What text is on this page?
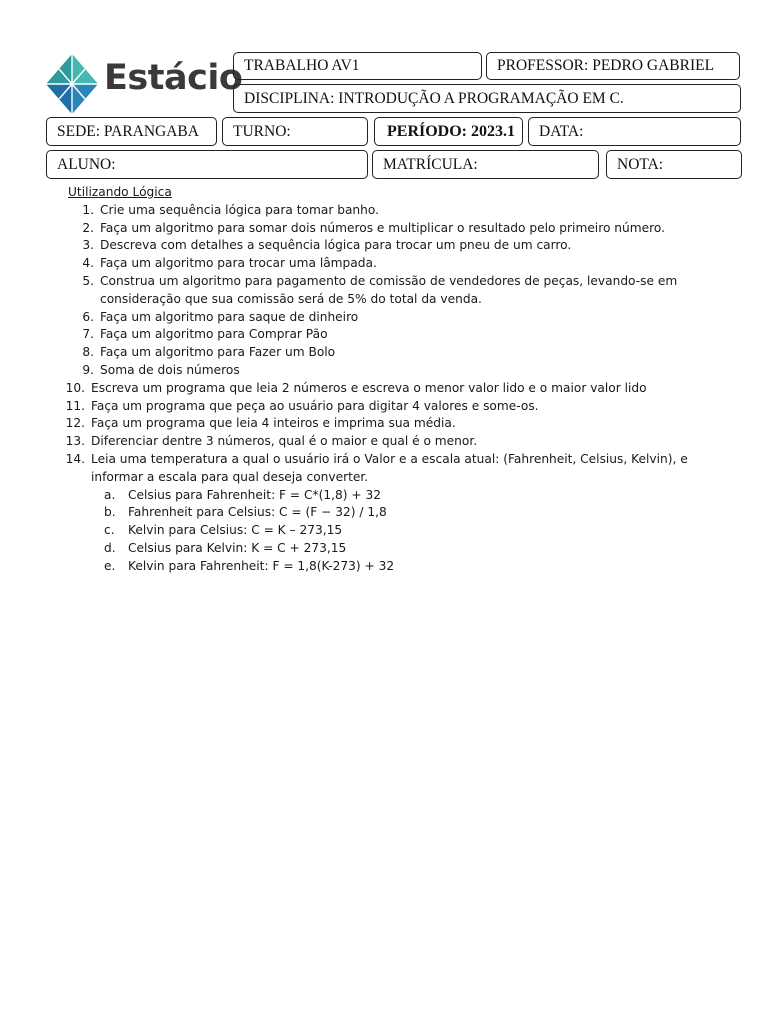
Estácio TRABALHO AV1	PROFESSOR: PEDRO GABRIEL
DISCIPLINA: INTRODUÇÃO A PROGRAMAÇÃO EM C.
SEDE: PARANGABA	TURNO:	PERÍODO: 2023.1	DATA:
ALUNO:	MATRÍCULA:	NOTA:
Utilizando Lógica
1. Crie uma sequência lógica para tomar banho.
2. Faça um algoritmo para somar dois números e multiplicar o resultado pelo primeiro número.
3. Descreva com detalhes a sequência lógica para trocar um pneu de um carro.
4. Faça um algoritmo para trocar uma lâmpada.
5. Construa um algoritmo para pagamento de comissão de vendedores de peças, levando-se em consideração que sua comissão será de 5% do total da venda.
6. Faça um algoritmo para saque de dinheiro
7. Faça um algoritmo para Comprar Pão
8. Faça um algoritmo para Fazer um Bolo
9. Soma de dois números
10. Escreva um programa que leia 2 números e escreva o menor valor lido e o maior valor lido
11. Faça um programa que peça ao usuário para digitar 4 valores e some-os.
12. Faça um programa que leia 4 inteiros e imprima sua média.
13. Diferenciar dentre 3 números, qual é o maior e qual é o menor.
14. Leia uma temperatura a qual o usuário irá o Valor e a escala atual: (Fahrenheit, Celsius, Kelvin), e informar a escala para qual deseja converter.
a. Celsius para Fahrenheit: F = C*(1,8) + 32
b. Fahrenheit para Celsius: C = (F − 32) / 1,8
c. Kelvin para Celsius: C = K – 273,15
d. Celsius para Kelvin: K = C + 273,15
e. Kelvin para Fahrenheit: F = 1,8(K-273) + 32
